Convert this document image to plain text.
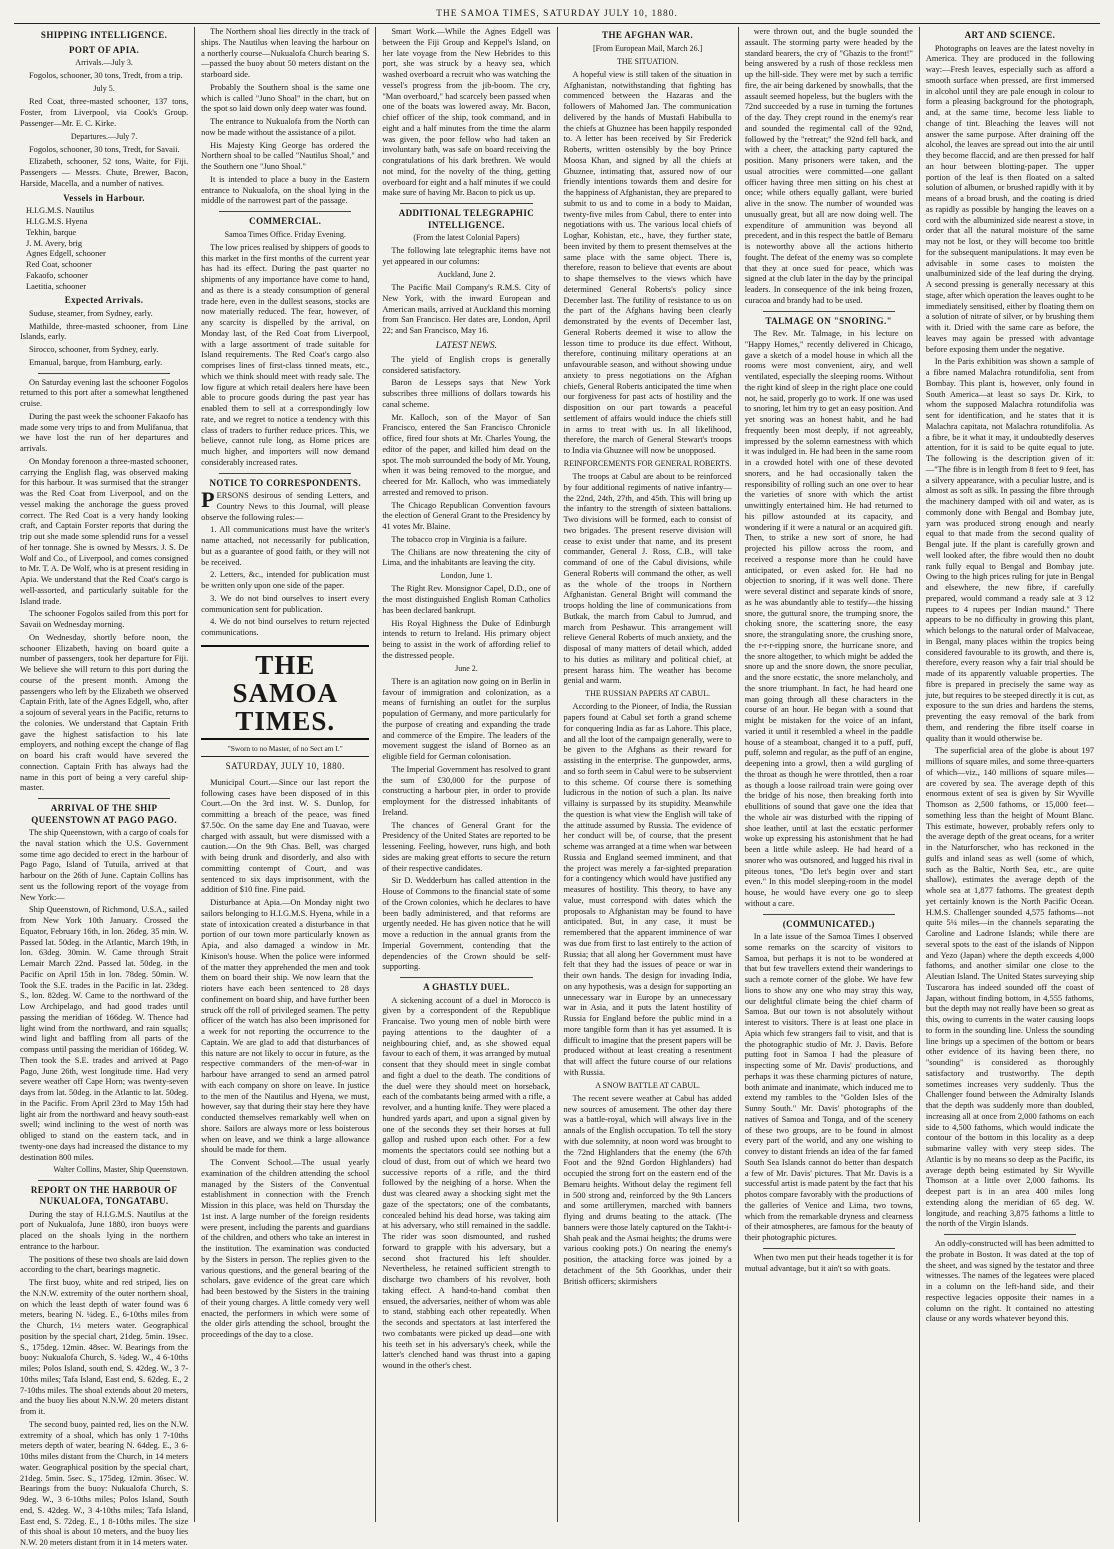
THE SAMOA TIMES, SATURDAY JULY 10, 1880.
SHIPPING INTELLIGENCE.
PORT OF APIA.
Arrivals.—July 3.

Fogolos, schooner, 30 tons, Tredt, from a trip.

July 5.

Red Coat, three-masted schooner, 137 tons, Foster, from Liverpool, via Cook's Group. Passenger—Mr. E. C. Kirke.

Departures.—July 7.

Fogolos, schooner, 30 tons, Tredt, for Savaii.

Elizabeth, schooner, 52 tons, Waite, for Fiji. Passengers — Messrs. Chute, Brewer, Bacon, Harside, Macella, and a number of natives.

Vessels in Harbour.
H.I.G.M.S. Nautilus
H.I.G.M.S. Hyena
Tekhin, barque
J. M. Avery, brig
Agnes Edgell, schooner
Red Coat, schooner
Fakaofo, schooner
Laetitia, schooner
Expected Arrivals.

Suduse, steamer, from Sydney, early.

Mathilde, three-masted schooner, from Line Islands, early.

Sirocco, schooner, from Sydney, early.

Emanual, barque, from Hamburg, early.

On Saturday evening last the schooner Fogolos returned to this port after a somewhat lengthened cruise.

During the past week the schooner Fakaofo has made some very trips to and from Mulifanua, that we have lost the run of her departures and arrivals.

On Monday forenoon a three-masted schooner, carrying the English flag, was observed making for this harbour. It was surmised that the stranger was the Red Coat from Liverpool, and on the vessel making the anchorage the guess proved correct. The Red Coat is a very handy looking craft, and Captain Forster reports that during the trip out she made some splendid runs for a vessel of her tonnage. She is owned by Messrs. J. S. De Wolf and Co., of Liverpool, and comes consigned to Mr. T. A. De Wolf, who is at present residing in Apia. We understand that the Red Coat's cargo is well-assorted, and particularly suitable for the Island trade.

The schooner Fogolos sailed from this port for Savaii on Wednesday morning.

On Wednesday, shortly before noon, the schooner Elizabeth, having on board quite a number of passengers, took her departure for Fiji. We believe she will return to this port during the course of the present month. Among the passengers who left by the Elizabeth we observed Captain Frith, late of the Agnes Edgell, who, after a sojourn of several years in the Pacific, returns to the colonies. We understand that Captain Frith gave the highest satisfaction to his late employers, and nothing except the change of flag on board his craft would have severed the connection. Captain Frith has always had the name in this port of being a very careful ship-master.

ARRIVAL OF THE SHIP QUEENSTOWN AT PAGO PAGO.

The ship Queenstown, with a cargo of coals for the naval station which the U.S. Government some time ago decided to erect in the harbour of Pago Pago, Island of Tutuila, arrived at that harbour on the 26th of June. Captain Collins has sent us the following report of the voyage from New York:—

Ship Queenstown, of Richmond, U.S.A., sailed from New York 10th January. Crossed the Equator, February 16th, in lon. 26deg. 35 min. W. Passed lat. 50deg. in the Atlantic, March 19th, in lon. 63deg. 30min. W. Came through Strait Lemair March 22nd. Passed lat. 50deg. in the Pacific on April 15th in lon. 78deg. 50min. W. Took the S.E. trades in the Pacific in lat. 23deg. S., lon. 82deg. W. Came to the northward of the Low Archipelago, and had good trades until passing the meridian of 166deg. W. Thence had light wind from the northward, and rain squalls; wind light and baffling from all parts of the compass until passing the meridian of 166deg. W. Then took the S.E. trades and arrived at Pago Pago, June 26th, west longitude time. Had very severe weather off Cape Horn; was twenty-seven days from lat. 50deg. in the Atlantic to lat. 50deg. in the Pacific. From April 23rd to May 15th had light air from the northward and heavy south-east swell; wind inclining to the west of north was obliged to stand on the eastern tack, and in twenty-one days had increased the distance to my destination 800 miles.

Walter Collins, Master, Ship Queenstown.
REPORT ON THE HARBOUR OF NUKUALOFA, TONGATABU.

During the stay of H.I.G.M.S. Nautilus at the port of Nukualofa, June 1880, iron buoys were placed on the shoals lying in the northern entrance to the harbour.

The positions of these two shoals are laid down according to the chart, bearings magnetic.

The first buoy, white and red striped, lies on the N.N.W. extremity of the outer northern shoal, on which the least depth of water found was 6 meters, bearing N. ¼deg. E., 6-10ths miles from the Church, 1½ meters water. Geographical position by the special chart, 21deg. 5min. 19sec. S., 175deg. 12min. 48sec. W. Bearings from the buoy: Nukualofa Church, S. ¼deg. W., 4 6-10ths miles; Polos Island, south end, S. 42deg. W., 3 7-10ths miles; Tafa Island, East end, S. 62deg. E., 2 7-10ths miles. The shoal extends about 20 meters, and the buoy lies about N.N.W. 20 meters distant from it.

The second buoy, painted red, lies on the N.W. extremity of a shoal, which has only 1 7-10ths meters depth of water, bearing N. 64deg. E., 3 6-10ths miles distant from the Church, in 14 meters water. Geographical position by the special chart, 21deg. 5min. 5sec. S., 175deg. 12min. 36sec. W. Bearings from the buoy: Nukualofa Church, S. 9deg. W., 3 6-10ths miles; Polos Island, South end, S. 42deg. W., 3 4-10ths miles; Tafa Island, East end, S. 72deg. E., 1 8-10ths miles. The size of this shoal is about 10 meters, and the buoy lies N.W. 20 meters distant from it in 14 meters water.

The Northern shoal lies directly in the track of ships. The Nautilus when leaving the harbour on a northerly course—Nukualofa Church bearing S.—passed the buoy about 50 meters distant on the starboard side.

Probably the Southern shoal is the same one which is called "Juno Shoal" in the chart, but on the spot so laid down only deep water was found.

The entrance to Nukualofa from the North can now be made without the assistance of a pilot.

His Majesty King George has ordered the Northern shoal to be called "Nautilus Shoal," and the Southern one "Juno Shoal."

It is intended to place a buoy in the Eastern entrance to Nukualofa, on the shoal lying in the middle of the narrowest part of the passage.

COMMERCIAL.
Samoa Times Office. Friday Evening.

The low prices realised by shippers of goods to this market in the first months of the current year has had its effect. During the past quarter no shipments of any importance have come to hand, and as there is a steady consumption of general trade here, even in the dullest seasons, stocks are now materially reduced. The fear, however, of any scarcity is dispelled by the arrival, on Monday last, of the Red Coat from Liverpool, with a large assortment of trade suitable for Island requirements. The Red Coat's cargo also comprises lines of first-class tinned meats, etc., which we think should meet with ready sale. The low figure at which retail dealers here have been able to procure goods during the past year has enabled them to sell at a correspondingly low rate, and we regret to notice a tendency with this class of traders to further reduce prices. This, we believe, cannot rule long, as Home prices are much higher, and importers will now demand considerably increased rates.

NOTICE TO CORRESPONDENTS.

PERSONS desirous of sending Letters, and Country News to this Journal, will please observe the following rules:—

1. All communications must have the writer's name attached, not necessarily for publication, but as a guarantee of good faith, or they will not be received.

2. Letters, &c., intended for publication must be written only upon one side of the paper.

3. We do not bind ourselves to insert every communication sent for publication.

4. We do not bind ourselves to return rejected communications.

THE SAMOA TIMES.
"Sworn to no Master, of no Sect am I."
SATURDAY, JULY 10, 1880.

Municipal Court.—Since our last report the following cases have been disposed of in this Court.—On the 3rd inst. W. S. Dunlop, for committing a breach of the peace, was fined $7.50c. On the same day Ene and Tuavao, were charged with assault, but were dismissed with a caution.—On the 9th Chas. Bell, was charged with being drunk and disorderly, and also with committing contempt of Court, and was sentenced to six days imprisonment, with the addition of $10 fine. Fine paid.

Disturbance at Apia.—On Monday night two sailors belonging to H.I.G.M.S. Hyena, while in a state of intoxication created a disturbance in that portion of our town more particularly known as Apia, and also damaged a window in Mr. Kinison's house. When the police were informed of the matter they apprehended the men and took them on board their ship. We now learn that the rioters have each been sentenced to 28 days confinement on board ship, and have further been struck off the roll of privileged seamen. The petty officer of the watch has also been imprisoned for a week for not reporting the occurrence to the Captain. We are glad to add that disturbances of this nature are not likely to occur in future, as the respective commanders of the men-of-war in harbour have arranged to send an armed patrol with each company on shore on leave. In justice to the men of the Nautilus and Hyena, we must, however, say that during their stay here they have conducted themselves remarkably well when on shore. Sailors are always more or less boisterous when on leave, and we think a large allowance should be made for them.

The Convent School.—The usual yearly examination of the children attending the school managed by the Sisters of the Conventual establishment in connection with the French Mission in this place, was held on Thursday the 1st inst. A large number of the foreign residents were present, including the parents and guardians of the children, and others who take an interest in the institution. The examination was conducted by the Sisters in person. The replies given to the various questions, and the general bearing of the scholars, gave evidence of the great care which had been bestowed by the Sisters in the training of their young charges. A little comedy very well enacted, the performers in which were some of the older girls attending the school, brought the proceedings of the day to a close.

Smart Work.—While the Agnes Edgell was between the Fiji Group and Keppel's Island, on her late voyage from the New Hebrides to this port, she was struck by a heavy sea, which washed overboard a recruit who was watching the vessel's progress from the jib-boom. The cry, "Man overboard," had scarcely been passed when one of the boats was lowered away. Mr. Bacon, chief officer of the ship, took command, and in eight and a half minutes from the time the alarm was given, the poor fellow who had taken an involuntary bath, was safe on board receiving the congratulations of his dark brethren. We would not mind, for the novelty of the thing, getting overboard for eight and a half minutes if we could make sure of having Mr. Bacon to pick us up.

ADDITIONAL TELEGRAPHIC INTELLIGENCE.
(From the latest Colonial Papers)

The following late telegraphic items have not yet appeared in our columns:

Auckland, June 2.

The Pacific Mail Company's R.M.S. City of New York, with the inward European and American mails, arrived at Auckland this morning from San Francisco. Her dates are, London, April 22; and San Francisco, May 16.

LATEST NEWS.

The yield of English crops is generally considered satisfactory.

Baron de Lesseps says that New York subscribes three millions of dollars towards his canal scheme.

Mr. Kalloch, son of the Mayor of San Francisco, entered the San Francisco Chronicle office, fired four shots at Mr. Charles Young, the editor of the paper, and killed him dead on the spot. The mob surrounded the body of Mr. Young, when it was being removed to the morgue, and cheered for Mr. Kalloch, who was immediately arrested and removed to prison.

The Chicago Republican Convention favours the election of General Grant to the Presidency by 41 votes Mr. Blaine.

The tobacco crop in Virginia is a failure.

The Chilians are now threatening the city of Lima, and the inhabitants are leaving the city.

London, June 1.

The Right Rev. Monsignor Capel, D.D., one of the most distinguished English Roman Catholics has been declared bankrupt.

His Royal Highness the Duke of Edinburgh intends to return to Ireland. His primary object being to assist in the work of affording relief to the distressed people.

June 2.

There is an agitation now going on in Berlin in favour of immigration and colonization, as a means of furnishing an outlet for the surplus population of Germany, and more particularly for the purpose of creating and expanding the trade and commerce of the Empire. The leaders of the movement suggest the island of Borneo as an eligible field for German colonisation.

The Imperial Government has resolved to grant the sum of £30,000 for the purpose of constructing a harbour pier, in order to provide employment for the distressed inhabitants of Ireland.

The chances of General Grant for the Presidency of the United States are reported to be lessening. Feeling, however, runs high, and both sides are making great efforts to secure the return of their respective candidates.

Sir D. Wedderburn has called attention in the House of Commons to the financial state of some of the Crown colonies, which he declares to have been badly administered, and that reforms are urgently needed. He has given notice that he will move a reduction in the annual grants from the Imperial Government, contending that the dependencies of the Crown should be self-supporting.

A GHASTLY DUEL.

A sickening account of a duel in Morocco is given by a correspondent of the Republique Francaise. Two young men of noble birth were paying attentions to the daughter of a neighbouring chief, and, as she showed equal favour to each of them, it was arranged by mutual consent that they should meet in single combat and fight a duel to the death. The conditions of the duel were they should meet on horseback, each of the combatants being armed with a rifle, a revolver, and a hunting knife. They were placed a hundred yards apart, and upon a signal given by one of the seconds they set their horses at full gallop and rushed upon each other. For a few moments the spectators could see nothing but a cloud of dust, from out of which we heard two successive reports of a rifle, and the third followed by the neighing of a horse. When the dust was cleared away a shocking sight met the gaze of the spectators; one of the combatants, concealed behind his dead horse, was taking aim at his adversary, who still remained in the saddle. The rider was soon dismounted, and rushed forward to grapple with his adversary, but a second shot fractured his left shoulder. Nevertheless, he retained sufficient strength to discharge two chambers of his revolver, both taking effect. A hand-to-hand combat then ensued, the adversaries, neither of whom was able to stand, stabbing each other repeatedly. When the seconds and spectators at last interfered the two combatants were picked up dead—one with his teeth set in his adversary's cheek, while the latter's clenched hand was thrust into a gaping wound in the other's chest.

THE AFGHAN WAR.
[From European Mail, March 26.]
THE SITUATION.

A hopeful view is still taken of the situation in Afghanistan, notwithstanding that fighting has commenced between the Hazaras and the followers of Mahomed Jan. The communication delivered by the hands of Mustafi Habibulla to the chiefs at Ghuznee has been happily responded to. A letter has been received by Sir Frederick Roberts, written ostensibly by the boy Prince Moosa Khan, and signed by all the chiefs at Ghuznee, intimating that, assured now of our friendly intentions towards them and desire for the happiness of Afghanistan, they are prepared to submit to us and to come in a body to Maidan, twenty-five miles from Cabul, there to enter into negotiations with us. The various local chiefs of Loghar, Kohistan, etc., have, they further state, been invited by them to present themselves at the same place with the same object. There is, therefore, reason to believe that events are about to shape themselves to the views which have determined General Roberts's policy since December last. The futility of resistance to us on the part of the Afghans having been clearly demonstrated by the events of December last, General Roberts deemed it wise to allow the lesson time to produce its due effect. Without, therefore, continuing military operations at an unfavourable season, and without showing undue anxiety to press negotiations on the Afghan chiefs, General Roberts anticipated the time when our forgiveness for past acts of hostility and the disposition on our part towards a peaceful settlement of affairs would induce the chiefs still in arms to treat with us. In all likelihood, therefore, the march of General Stewart's troops to India via Ghuznee will now be unopposed.

REINFORCEMENTS FOR GENERAL ROBERTS.

The troops at Cabul are about to be reinforced by four additional regiments of native infantry—the 22nd, 24th, 27th, and 45th. This will bring up the infantry to the strength of sixteen battalions. Two divisions will be formed, each to consist of two brigades. The present reserve division will cease to exist under that name, and its present commander, General J. Ross, C.B., will take command of one of the Cabul divisions, while General Roberts will command the other, as well as the whole of the troops in Northern Afghanistan. General Bright will command the troops holding the line of communications from Butkak, the march from Cabul to Jumrud, and march from Peshawur. This arrangement will relieve General Roberts of much anxiety, and the disposal of many matters of detail which, added to his duties as military and political chief, at present harass him. The weather has become genial and warm.

THE RUSSIAN PAPERS AT CABUL.

According to the Pioneer, of India, the Russian papers found at Cabul set forth a grand scheme for conquering India as far as Lahore. This place, and all the loot of the campaign generally, were to be given to the Afghans as their reward for assisting in the enterprise. The gunpowder, arms, and so forth seem in Cabul were to be subservient to this scheme. Of course there is something ludicrous in the notion of such a plan. Its naive villainy is surpassed by its stupidity. Meanwhile the question is what view the English will take of the attitude assumed by Russia. The evidence of her conduct will be, of course, that the present scheme was arranged at a time when war between Russia and England seemed imminent, and that the project was merely a far-sighted preparation for a contingency which would have justified any measures of hostility. This theory, to have any value, must correspond with dates which the proposals to Afghanistan may be found to have anticipated. But, in any case, it must be remembered that the apparent imminence of war was due from first to last entirely to the action of Russia; that all along her Government must have felt that they had the issues of peace or war in their own hands. The design for invading India, on any hypothesis, was a design for supporting an unnecessary war in Europe by an unnecessary war in Asia, and it puts the latent hostility of Russia for England before the public mind in a more tangible form than it has yet assumed. It is difficult to imagine that the present papers will be produced without at least creating a resentment that will affect the future course of our relations with Russia.

A SNOW BATTLE AT CABUL.

The recent severe weather at Cabul has added new sources of amusement. The other day there was a battle-royal, which will always live in the annals of the English occupation. To tell the story with due solemnity, at noon word was brought to the 72nd Highlanders that the enemy (the 67th Foot and the 92nd Gordon Highlanders) had occupied the strong fort on the eastern end of the Bemaru heights. Without delay the regiment fell in 500 strong and, reinforced by the 9th Lancers and some artillerymen, marched with banners flying and drums beating to the attack. (The banners were those lately captured on the Takht-i-Shah peak and the Asmai heights; the drums were various cooking pots.) On nearing the enemy's position, the attacking force was joined by a detachment of the 5th Goorkhas, under their British officers; skirmishers

were thrown out, and the bugle sounded the assault. The storming party were headed by the standard bearers, the cry of "Ghazis to the front!" being answered by a rush of those reckless men up the hill-side. They were met by such a terrific fire, the air being darkened by snowballs, that the assault seemed hopeless, but the buglers with the 72nd succeeded by a ruse in turning the fortunes of the day. They crept round in the enemy's rear and sounded the regimental call of the 92nd, followed by the "retreat;" the 92nd fell back, and with a cheer, the attacking party captured the position. Many prisoners were taken, and the usual atrocities were committed—one gallant officer having three men sitting on his chest at once; while others equally gallant, were buried alive in the snow. The number of wounded was unusually great, but all are now doing well. The expenditure of ammunition was beyond all precedent, and in this respect the battle of Bemaru is noteworthy above all the actions hitherto fought. The defeat of the enemy was so complete that they at once sued for peace, which was signed at the club later in the day by the principal leaders. In consequence of the ink being frozen, curacoa and brandy had to be used.

TALMAGE ON "SNORING."

The Rev. Mr. Talmage, in his lecture on "Happy Homes," recently delivered in Chicago, gave a sketch of a model house in which all the rooms were most convenient, airy, and well ventilated, especially the sleeping rooms. Without the right kind of sleep in the right place one could not, he said, properly go to work. If one was used to snoring, let him try to get an easy position. And yet snoring was an honest habit, and he had frequently been most deeply, if not agreeably, impressed by the solemn earnestness with which it was indulged in. He had been in the same room in a crowded hotel with one of these devoted snorers, and he had occasionally taken the responsibility of rolling such an one over to hear the varieties of snore with which the artist unwittingly entertained him. He had returned to his pillow astounded at its capacity, and wondering if it were a natural or an acquired gift. Then, to strike a new sort of snore, he had projected his pillow across the room, and received a response more than he could have anticipated, or even asked for. He had no objection to snoring, if it was well done. There were several distinct and separate kinds of snore, as he was abundantly able to testify—the hissing snore, the guttural snore, the trumping snore, the choking snore, the scattering snore, the easy snore, the strangulating snore, the crushing snore, the r-r-r-ripping snore, the hurricane snore, and the snore altogether, to which might be added the snore up and the snore down, the snore peculiar, and the snore ecstatic, the snore melancholy, and the snore triumphant. In fact, he had heard one man going through all these characters in the course of an hour. He began with a sound that might be mistaken for the voice of an infant, varied it until it resembled a wheel in the paddle house of a steamboat, changed it to a puff, puff, puff, solemn and regular, as the puff of an engine, deepening into a growl, then a wild gurgling of the throat as though he were throttled, then a roar as though a loose railroad train were going over the bridge of his nose, then breaking forth into ebullitions of sound that gave one the idea that the whole air was disturbed with the ripping of shoe leather, until at last the ecstatic performer woke up expressing his astonishment that he had been a little while asleep. He had heard of a snorer who was outsnored, and lugged his rival in piteous tones, "Do let's begin over and start even." In this model sleeping-room in the model house, he would have every one go to sleep without a care.

(COMMUNICATED.)

In a late issue of the Samoa Times I observed some remarks on the scarcity of visitors to Samoa, but perhaps it is not to be wondered at that but few travellers extend their wanderings to such a remote corner of the globe. We have few lions to show any one who may stray this way, our delightful climate being the chief charm of Samoa. But our town is not absolutely without interest to visitors. There is at least one place in Apia which few strangers fail to visit, and that is the photographic studio of Mr. J. Davis. Before putting foot in Samoa I had the pleasure of inspecting some of Mr. Davis' productions, and perhaps it was these charming pictures of nature, both animate and inanimate, which induced me to extend my rambles to the "Golden Isles of the Sunny South." Mr. Davis' photographs of the natives of Samoa and Tonga, and of the scenery of these two groups, are to be found in almost every part of the world, and any one wishing to convey to distant friends an idea of the far famed South Sea Islands cannot do better than despatch a few of Mr. Davis' pictures. That Mr. Davis is a successful artist is made patent by the fact that his photos compare favorably with the productions of the galleries of Venice and Lima, two towns, which from the remarkable dryness and clearness of their atmospheres, are famous for the beauty of their photographic pictures.

When two men put their heads together it is for mutual advantage, but it ain't so with goats.

ART AND SCIENCE.

Photographs on leaves are the latest novelty in America. They are produced in the following way:—Fresh leaves, especially such as afford a smooth surface when pressed, are first immersed in alcohol until they are pale enough in colour to form a pleasing background for the photograph, and, at the same time, become less liable to change of tint. Bleaching the leaves will not answer the same purpose. After draining off the alcohol, the leaves are spread out into the air until they become flaccid, and are then pressed for half an hour between blotting-paper. The upper portion of the leaf is then floated on a salted solution of albumen, or brushed rapidly with it by means of a broad brush, and the coating is dried as rapidly as possible by hanging the leaves on a cord with the albuminized side nearest a stove, in order that all the natural moisture of the same may not be lost, or they will become too brittle for the subsequent manipulations. It may even be advisable in some cases to moisten the unalbuminized side of the leaf during the drying. A second pressing is generally necessary at this stage, after which operation the leaves ought to be immediately sensitised, either by floating them on a solution of nitrate of silver, or by brushing them with it. Dried with the same care as before, the leaves may again be pressed with advantage before exposing them under the negative.

In the Paris exhibition was shown a sample of a fibre named Malachra rotundifolia, sent from Bombay. This plant is, however, only found in South America—at least so says Dr. Kirk, to whom the supposed Malachra rotundifolia was sent for identification, and he states that it is Malachra capitata, not Malachra rotundifolia. As a fibre, be it what it may, it undoubtedly deserves attention, for it is said to be quite equal to jute. The following is the description given of it:—"The fibre is in length from 8 feet to 9 feet, has a silvery appearance, with a peculiar lustre, and is almost as soft as silk. In passing the fibre through the machinery damped with oil and water, as is commonly done with Bengal and Bombay jute, yarn was produced strong enough and nearly equal to that made from the second quality of Bengal jute. If the plant is carefully grown and well looked after, the fibre would then no doubt rank fully equal to Bengal and Bombay jute. Owing to the high prices ruling for jute in Bengal and elsewhere, the new fibre, if carefully prepared, would command a ready sale at 3 12 rupees to 4 rupees per Indian maund." There appears to be no difficulty in growing this plant, which belongs to the natural order of Malvaceae, in Bengal, many places within the tropics being considered favourable to its growth, and there is, therefore, every reason why a fair trial should be made of its apparently valuable properties. The fibre is prepared in precisely the same way as jute, but requires to be steeped directly it is cut, as exposure to the sun dries and hardens the stems, preventing the easy removal of the bark from them, and rendering the fibre itself coarse in quality than it would otherwise be.

The superficial area of the globe is about 197 millions of square miles, and some three-quarters of which—viz., 140 millions of square miles—are covered by sea. The average depth of this enormous extent of sea is given by Sir Wyville Thomson as 2,500 fathoms, or 15,000 feet—something less than the height of Mount Blanc. This estimate, however, probably refers only to the average depth of the great oceans, for a writer in the Naturforscher, who has reckoned in the gulfs and inland seas as well (some of which, such as the Baltic, North Sea, etc., are quite shallow), estimates the average depth of the whole sea at 1,877 fathoms. The greatest depth yet certainly known is the North Pacific Ocean. H.M.S. Challenger sounded 4,575 fathoms—not quite 5¼ miles—in the channels separating the Caroline and Ladrone Islands; while there are several spots to the east of the islands of Nippon and Yezo (Japan) where the depth exceeds 4,000 fathoms, and another similar one close to the Aleutian Island. The United States surveying ship Tuscarora has indeed sounded off the coast of Japan, without finding bottom, in 4,555 fathoms, but the depth may not really have been so great as this, owing to currents in the water causing loops to form in the sounding line. Unless the sounding line brings up a specimen of the bottom or bears other evidence of its having been there, no "sounding" is considered as thoroughly satisfactory and trustworthy. The depth sometimes increases very suddenly. Thus the Challenger found between the Admiralty Islands that the depth was suddenly more than doubled, increasing all at once from 2,000 fathoms on each side to 4,500 fathoms, which would indicate the contour of the bottom in this locality as a deep submarine valley with very steep sides. The Atlantic is by no means so deep as the Pacific, its average depth being estimated by Sir Wyville Thomson at a little over 2,000 fathoms. Its deepest part is in an area 400 miles long extending along the meridian of 65 deg. W. longitude, and reaching 3,875 fathoms a little to the north of the Virgin Islands.

An oddly-constructed will has been admitted to the probate in Boston. It was dated at the top of the sheet, and was signed by the testator and three witnesses. The names of the legatees were placed in a column on the left-hand side, and their respective legacies opposite their names in a column on the right. It contained no attesting clause or any words whatever beyond this.
